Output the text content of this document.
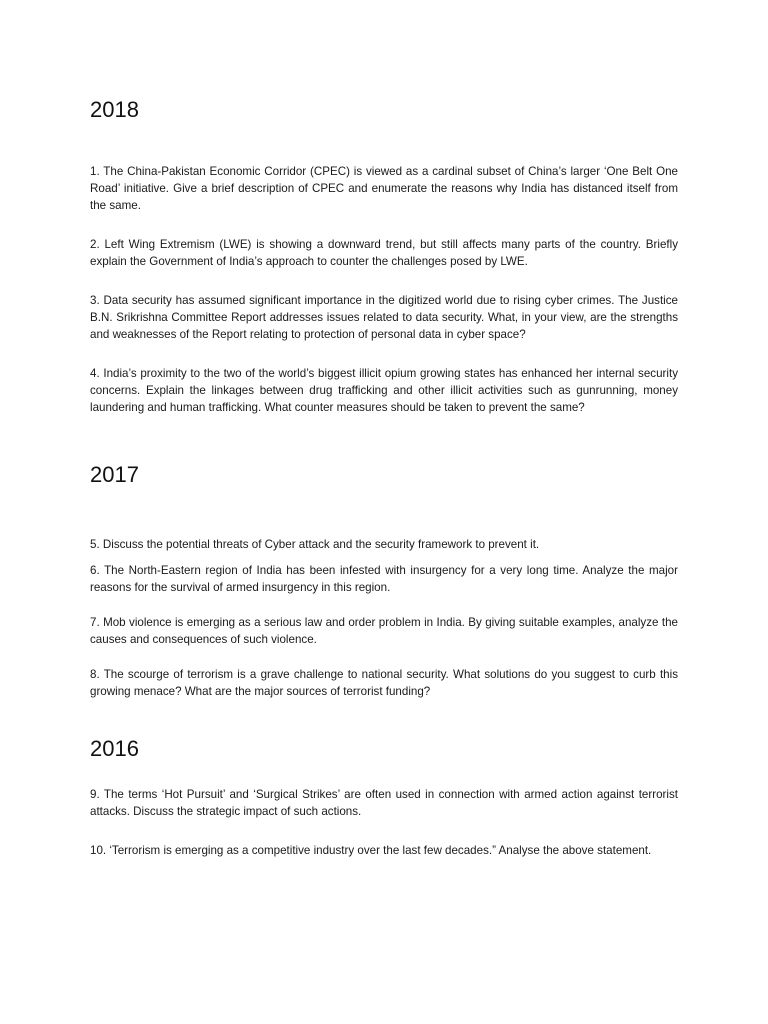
2018

1. The China-Pakistan Economic Corridor (CPEC) is viewed as a cardinal subset of China’s larger ‘One Belt One Road’ initiative. Give a brief description of CPEC and enumerate the reasons why India has distanced itself from the same.

2. Left Wing Extremism (LWE) is showing a downward trend, but still affects many parts of the country. Briefly explain the Government of India’s approach to counter the challenges posed by LWE.

3. Data security has assumed significant importance in the digitized world due to rising cyber crimes. The Justice B.N. Srikrishna Committee Report addresses issues related to data security. What, in your view, are the strengths and weaknesses of the Report relating to protection of personal data in cyber space?

4. India’s proximity to the two of the world’s biggest illicit opium growing states has enhanced her internal security concerns. Explain the linkages between drug trafficking and other illicit activities such as gunrunning, money laundering and human trafficking. What counter measures should be taken to prevent the same?

2017

5. Discuss the potential threats of Cyber attack and the security framework to prevent it.

6. The North-Eastern region of India has been infested with insurgency for a very long time. Analyze the major reasons for the survival of armed insurgency in this region.

7. Mob violence is emerging as a serious law and order problem in India. By giving suitable examples, analyze the causes and consequences of such violence.

8. The scourge of terrorism is a grave challenge to national security. What solutions do you suggest to curb this growing menace? What are the major sources of terrorist funding?

2016

9. The terms ‘Hot Pursuit’ and ‘Surgical Strikes’ are often used in connection with armed action against terrorist attacks. Discuss the strategic impact of such actions.

10. ‘Terrorism is emerging as a competitive industry over the last few decades.” Analyse the above statement.
